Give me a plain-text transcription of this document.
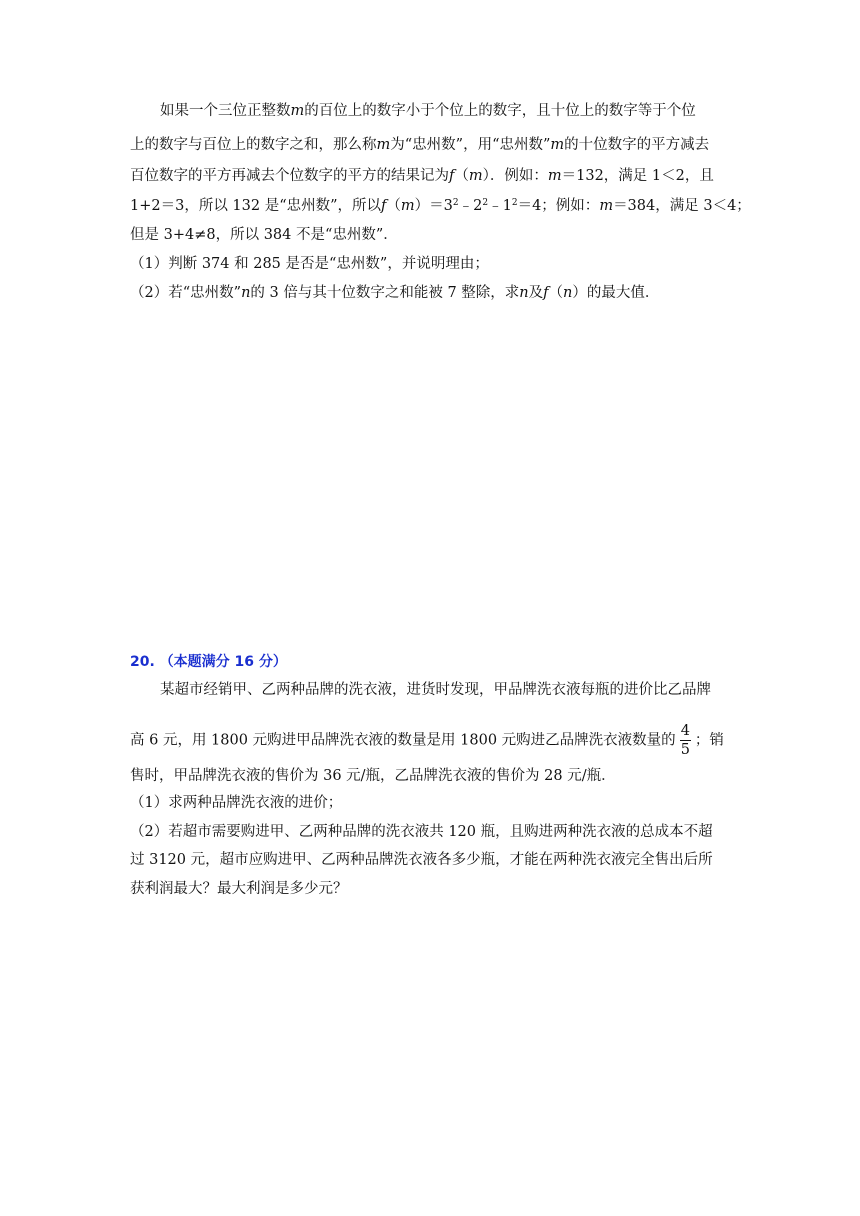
如果一个三位正整数m的百位上的数字小于个位上的数字，且十位上的数字等于个位
上的数字与百位上的数字之和，那么称m为“忠州数”，用“忠州数”m的十位数字的平方减去
百位数字的平方再减去个位数字的平方的结果记为f（m）．例如：m＝132，满足 1＜2，且
1+2＝3，所以 132 是“忠州数”，所以$f(m)=3^2﹣2^2﹣1^2=4$；例如：m＝384，满足 3＜4；
但是 3+4≠8，所以 384 不是“忠州数”．
（1）判断 374 和 285 是否是“忠州数”，并说明理由；
（2）若“忠州数”n的 3 倍与其十位数字之和能被 7 整除，求n及f（n）的最大值．
20. （本题满分 16 分）
某超市经销甲、乙两种品牌的洗衣液，进货时发现，甲品牌洗衣液每瓶的进价比乙品牌
高 6 元，用 1800 元购进甲品牌洗衣液的数量是用 1800 元购进乙品牌洗衣液数量的 $\frac{4}{5}$ ；销
售时，甲品牌洗衣液的售价为 36 元/瓶，乙品牌洗衣液的售价为 28 元/瓶．
（1）求两种品牌洗衣液的进价；
（2）若超市需要购进甲、乙两种品牌的洗衣液共 120 瓶，且购进两种洗衣液的总成本不超
过 3120 元，超市应购进甲、乙两种品牌洗衣液各多少瓶，才能在两种洗衣液完全售出后所
获利润最大？最大利润是多少元？
